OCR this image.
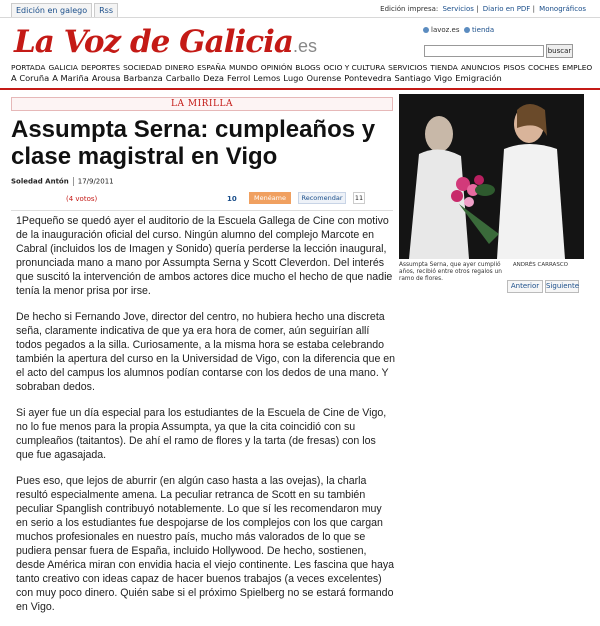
Edición en galego Rss	Edición impresa: Servicios | Diario en PDF | Monográficos
La Voz de Galicia.es
lavoz.es tienda
buscar
PORTADA GALICIA DEPORTES SOCIEDAD DINERO ESPAÑA MUNDO OPINIÓN BLOGS OCIO Y CULTURA SERVICIOS TIENDA ANUNCIOS PISOS COCHES EMPLEO
A Coruña A Mariña Arousa Barbanza Carballo Deza Ferrol Lemos Lugo Ourense Pontevedra Santiago Vigo Emigración
LA MIRILLA
Assumpta Serna: cumpleaños y clase magistral en Vigo
Soledad Antón 17/9/2011
(4 votos)	10	Menéame	Recomendar	11

1Pequeño se quedó ayer el auditorio de la Escuela Gallega de Cine con motivo de la inauguración oficial del curso. Ningún alumno del complejo Marcote en Cabral (incluidos los de Imagen y Sonido) quería perderse la lección inaugural, pronunciada mano a mano por Assumpta Serna y Scott Cleverdon. Del interés que suscitó la intervención de ambos actores dice mucho el hecho de que nadie tenía la menor prisa por irse.

De hecho si Fernando Jove, director del centro, no hubiera hecho una discreta seña, claramente indicativa de que ya era hora de comer, aún seguirían allí todos pegados a la silla. Curiosamente, a la misma hora se estaba celebrando también la apertura del curso en la Universidad de Vigo, con la diferencia que en el acto del campus los alumnos podían contarse con los dedos de una mano. Y sobraban dedos.

Si ayer fue un día especial para los estudiantes de la Escuela de Cine de Vigo, no lo fue menos para la propia Assumpta, ya que la cita coincidió con su cumpleaños (taitantos). De ahí el ramo de flores y la tarta (de fresas) con los que fue agasajada.

Pues eso, que lejos de aburrir (en algún caso hasta a las ovejas), la charla resultó especialmente amena. La peculiar retranca de Scott en su también peculiar Spanglish contribuyó notablemente. Lo que sí les recomendaron muy en serio a los estudiantes fue despojarse de los complejos con los que cargan muchos profesionales en nuestro país, mucho más valorados de lo que se pudiera pensar fuera de España, incluido Hollywood. De hecho, sostienen, desde América miran con envidia hacia el viejo continente. Les fascina que haya tanto creativo con ideas capaz de hacer buenos trabajos (a veces excelentes) con muy poco dinero. Quién sabe si el próximo Spielberg no se estará formando en Vigo.

Assumpta Serna, que ayer cumplió años, recibió entre otros regalos un ramo de flores.
ANDRÉS CARRASCO
Anterior Siguiente
